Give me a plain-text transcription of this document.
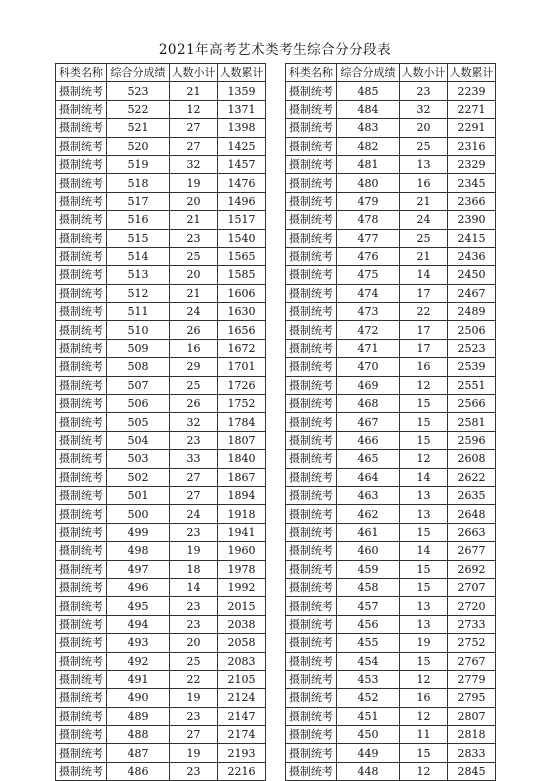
2021年高考艺术类考生综合分分段表
科类名称	综合分成绩	人数小计	人数累计
摄制统考	523	21	1359
摄制统考	522	12	1371
摄制统考	521	27	1398
摄制统考	520	27	1425
摄制统考	519	32	1457
摄制统考	518	19	1476
摄制统考	517	20	1496
摄制统考	516	21	1517
摄制统考	515	23	1540
摄制统考	514	25	1565
摄制统考	513	20	1585
摄制统考	512	21	1606
摄制统考	511	24	1630
摄制统考	510	26	1656
摄制统考	509	16	1672
摄制统考	508	29	1701
摄制统考	507	25	1726
摄制统考	506	26	1752
摄制统考	505	32	1784
摄制统考	504	23	1807
摄制统考	503	33	1840
摄制统考	502	27	1867
摄制统考	501	27	1894
摄制统考	500	24	1918
摄制统考	499	23	1941
摄制统考	498	19	1960
摄制统考	497	18	1978
摄制统考	496	14	1992
摄制统考	495	23	2015
摄制统考	494	23	2038
摄制统考	493	20	2058
摄制统考	492	25	2083
摄制统考	491	22	2105
摄制统考	490	19	2124
摄制统考	489	23	2147
摄制统考	488	27	2174
摄制统考	487	19	2193
摄制统考	486	23	2216
科类名称	综合分成绩	人数小计	人数累计
摄制统考	485	23	2239
摄制统考	484	32	2271
摄制统考	483	20	2291
摄制统考	482	25	2316
摄制统考	481	13	2329
摄制统考	480	16	2345
摄制统考	479	21	2366
摄制统考	478	24	2390
摄制统考	477	25	2415
摄制统考	476	21	2436
摄制统考	475	14	2450
摄制统考	474	17	2467
摄制统考	473	22	2489
摄制统考	472	17	2506
摄制统考	471	17	2523
摄制统考	470	16	2539
摄制统考	469	12	2551
摄制统考	468	15	2566
摄制统考	467	15	2581
摄制统考	466	15	2596
摄制统考	465	12	2608
摄制统考	464	14	2622
摄制统考	463	13	2635
摄制统考	462	13	2648
摄制统考	461	15	2663
摄制统考	460	14	2677
摄制统考	459	15	2692
摄制统考	458	15	2707
摄制统考	457	13	2720
摄制统考	456	13	2733
摄制统考	455	19	2752
摄制统考	454	15	2767
摄制统考	453	12	2779
摄制统考	452	16	2795
摄制统考	451	12	2807
摄制统考	450	11	2818
摄制统考	449	15	2833
摄制统考	448	12	2845
